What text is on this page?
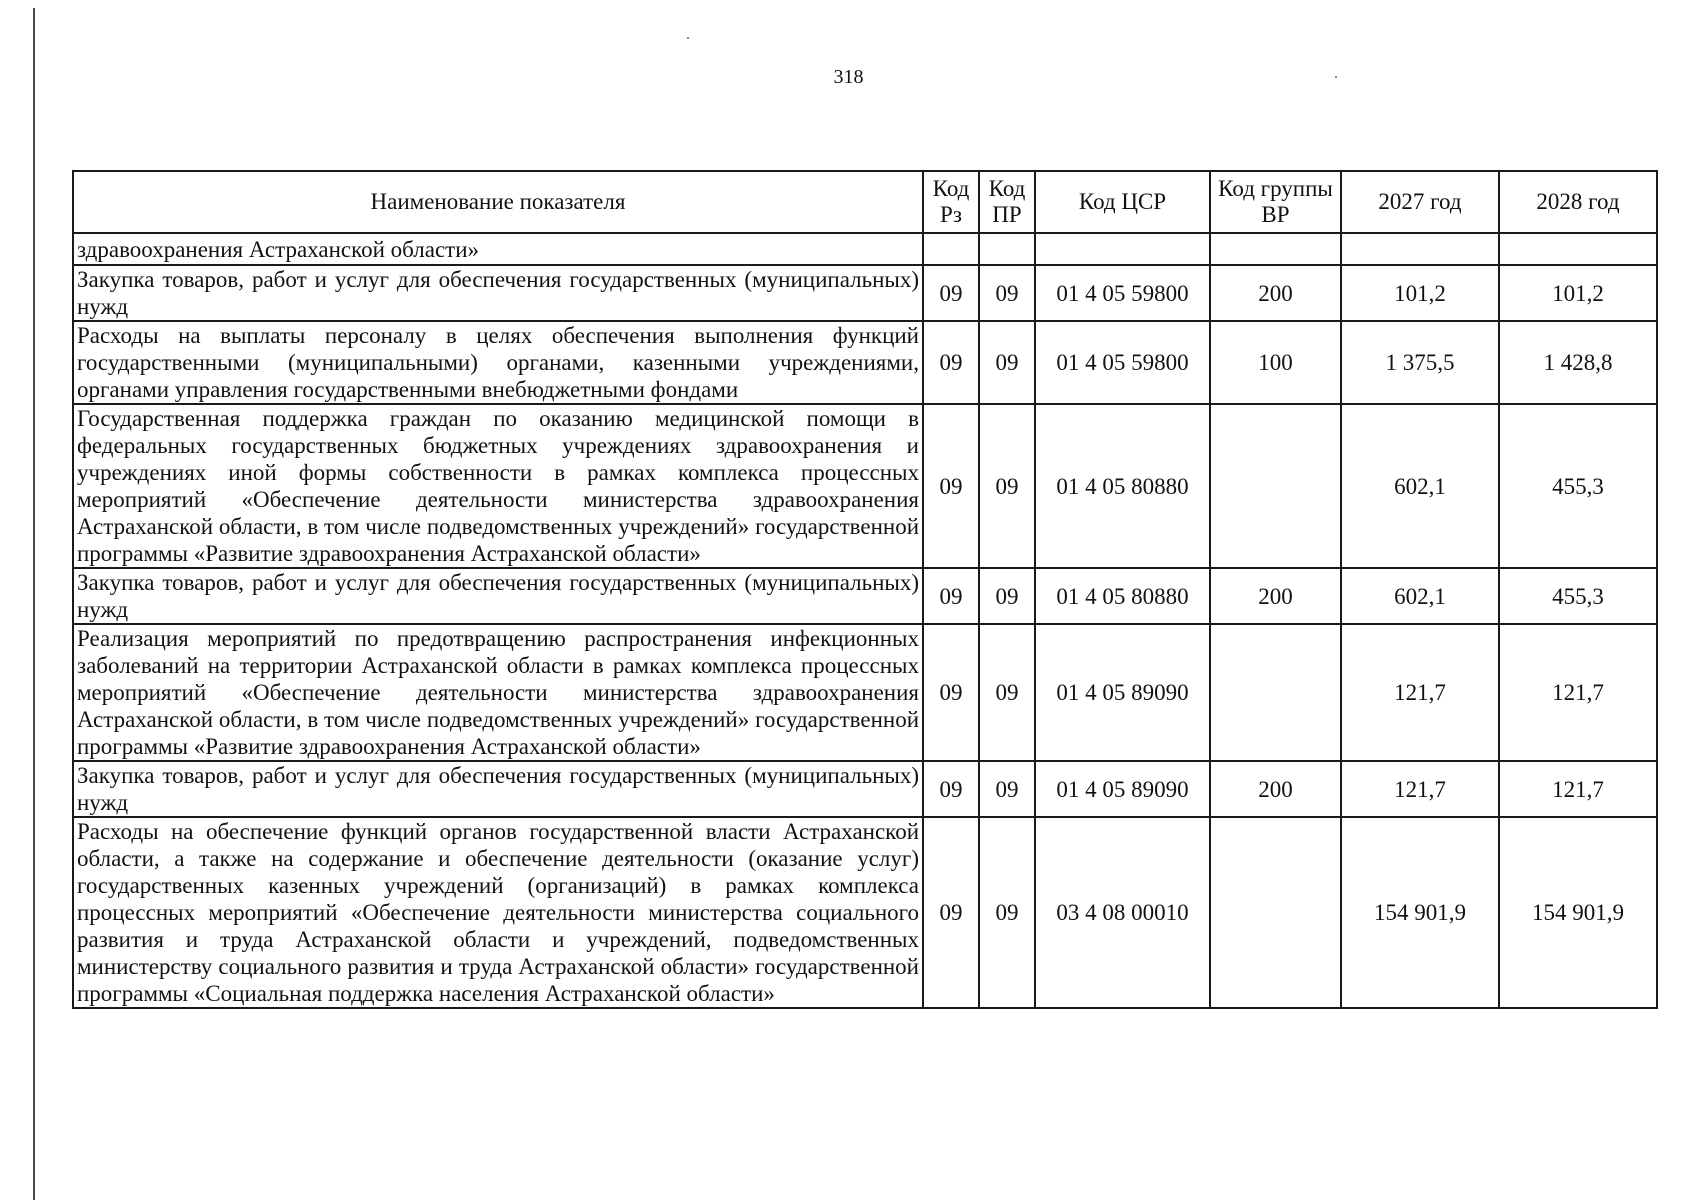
318
Наименование показателя	Код Рз	Код ПР	Код ЦСР	Код группы ВР	2027 год	2028 год
здравоохранения Астраханской области»						
Закупка товаров, работ и услуг для обеспечения государственных (муниципальных) нужд	09	09	01 4 05 59800	200	101,2	101,2
Расходы на выплаты персоналу в целях обеспечения выполнения функций государственными (муниципальными) органами, казенными учреждениями, органами управления государственными внебюджетными фондами	09	09	01 4 05 59800	100	1 375,5	1 428,8
Государственная поддержка граждан по оказанию медицинской помощи в федеральных государственных бюджетных учреждениях здравоохранения и учреждениях иной формы собственности в рамках комплекса процессных мероприятий «Обеспечение деятельности министерства здравоохранения Астраханской области, в том числе подведомственных учреждений» государственной программы «Развитие здравоохранения Астраханской области»	09	09	01 4 05 80880		602,1	455,3
Закупка товаров, работ и услуг для обеспечения государственных (муниципальных) нужд	09	09	01 4 05 80880	200	602,1	455,3
Реализация мероприятий по предотвращению распространения инфекционных заболеваний на территории Астраханской области в рамках комплекса процессных мероприятий «Обеспечение деятельности министерства здравоохранения Астраханской области, в том числе подведомственных учреждений» государственной программы «Развитие здравоохранения Астраханской области»	09	09	01 4 05 89090		121,7	121,7
Закупка товаров, работ и услуг для обеспечения государственных (муниципальных) нужд	09	09	01 4 05 89090	200	121,7	121,7
Расходы на обеспечение функций органов государственной власти Астраханской области, а также на содержание и обеспечение деятельности (оказание услуг) государственных казенных учреждений (организаций) в рамках комплекса процессных мероприятий «Обеспечение деятельности министерства социального развития и труда Астраханской области и учреждений, подведомственных министерству социального развития и труда Астраханской области» государственной программы «Социальная поддержка населения Астраханской области»	09	09	03 4 08 00010		154 901,9	154 901,9
